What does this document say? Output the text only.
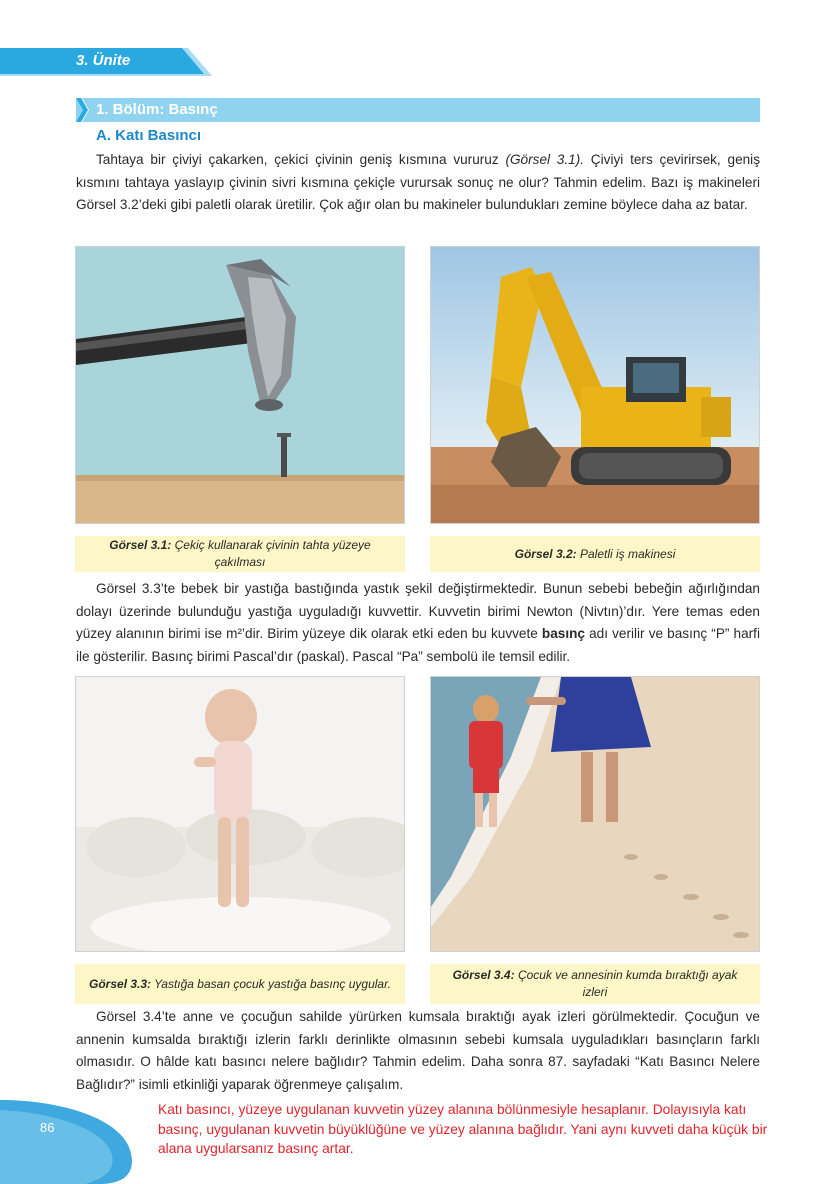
3. Ünite
1. Bölüm: Basınç
A. Katı Basıncı

Tahtaya bir çiviyi çakarken, çekici çivinin geniş kısmına vururuz (Görsel 3.1). Çiviyi ters çevirirsek, geniş kısmını tahtaya yaslayıp çivinin sivri kısmına çekiçle vurursak sonuç ne olur? Tahmin edelim. Bazı iş makineleri Görsel 3.2’deki gibi paletli olarak üretilir. Çok ağır olan bu makineler bulundukları zemine böylece daha az batar.

Görsel 3.1: Çekiç kullanarak çivinin tahta yüzeye çakılması
Görsel 3.2: Paletli iş makinesi

Görsel 3.3’te bebek bir yastığa bastığında yastık şekil değiştirmektedir. Bunun sebebi bebeğin ağırlığından dolayı üzerinde bulunduğu yastığa uyguladığı kuvvettir. Kuvvetin birimi Newton (Nivtın)’dır. Yere temas eden yüzey alanının birimi ise m²’dir. Birim yüzeye dik olarak etki eden bu kuvvete basınç adı verilir ve basınç “P” harfi ile gösterilir. Basınç birimi Pascal’dır (paskal). Pascal “Pa” sembolü ile temsil edilir.

Görsel 3.3: Yastığa basan çocuk yastığa basınç uygular.
Görsel 3.4: Çocuk ve annesinin kumda bıraktığı ayak izleri

Görsel 3.4’te anne ve çocuğun sahilde yürürken kumsala bıraktığı ayak izleri görülmektedir. Çocuğun ve annenin kumsalda bıraktığı izlerin farklı derinlikte olmasının sebebi kumsala uyguladıkları basınçların farklı olmasıdır. O hâlde katı basıncı nelere bağlıdır? Tahmin edelim. Daha sonra 87. sayfadaki “Katı Basıncı Nelere Bağlıdır?” isimli etkinliği yaparak öğrenmeye çalışalım.

86

Katı basıncı, yüzeye uygulanan kuvvetin yüzey alanına bölünmesiyle hesaplanır. Dolayısıyla katı basınç, uygulanan kuvvetin büyüklüğüne ve yüzey alanına bağlıdır. Yani aynı kuvveti daha küçük bir alana uygularsanız basınç artar.
